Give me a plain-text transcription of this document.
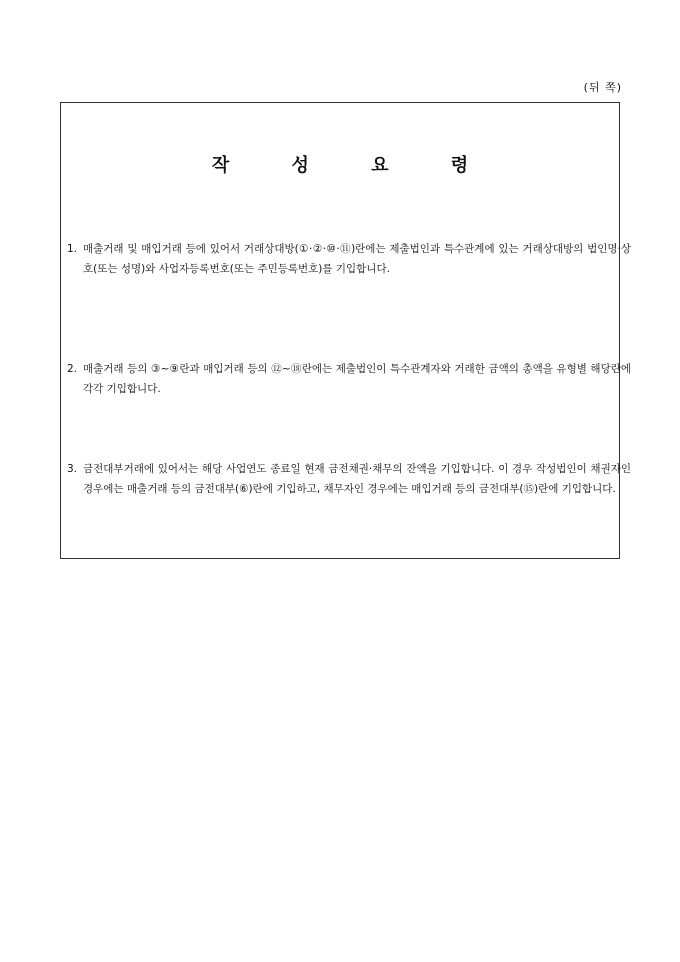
(뒤 쪽)
작 성 요 령
1. 매출거래 및 매입거래 등에 있어서 거래상대방(①·②·⑩·⑪)란에는 제출법인과 특수관계에 있는 거래상대방의 법인명·상호(또는 성명)와 사업자등록번호(또는 주민등록번호)를 기입합니다.
2. 매출거래 등의 ③~⑨란과 매입거래 등의 ⑫~⑱란에는 제출법인이 특수관계자와 거래한 금액의 총액을 유형별 해당란에 각각 기입합니다.
3. 금전대부거래에 있어서는 해당 사업연도 종료일 현재 금전채권·채무의 잔액을 기입합니다. 이 경우 작성법인이 채권자인 경우에는 매출거래 등의 금전대부(⑥)란에 기입하고, 채무자인 경우에는 매입거래 등의 금전대부(⑮)란에 기입합니다.
